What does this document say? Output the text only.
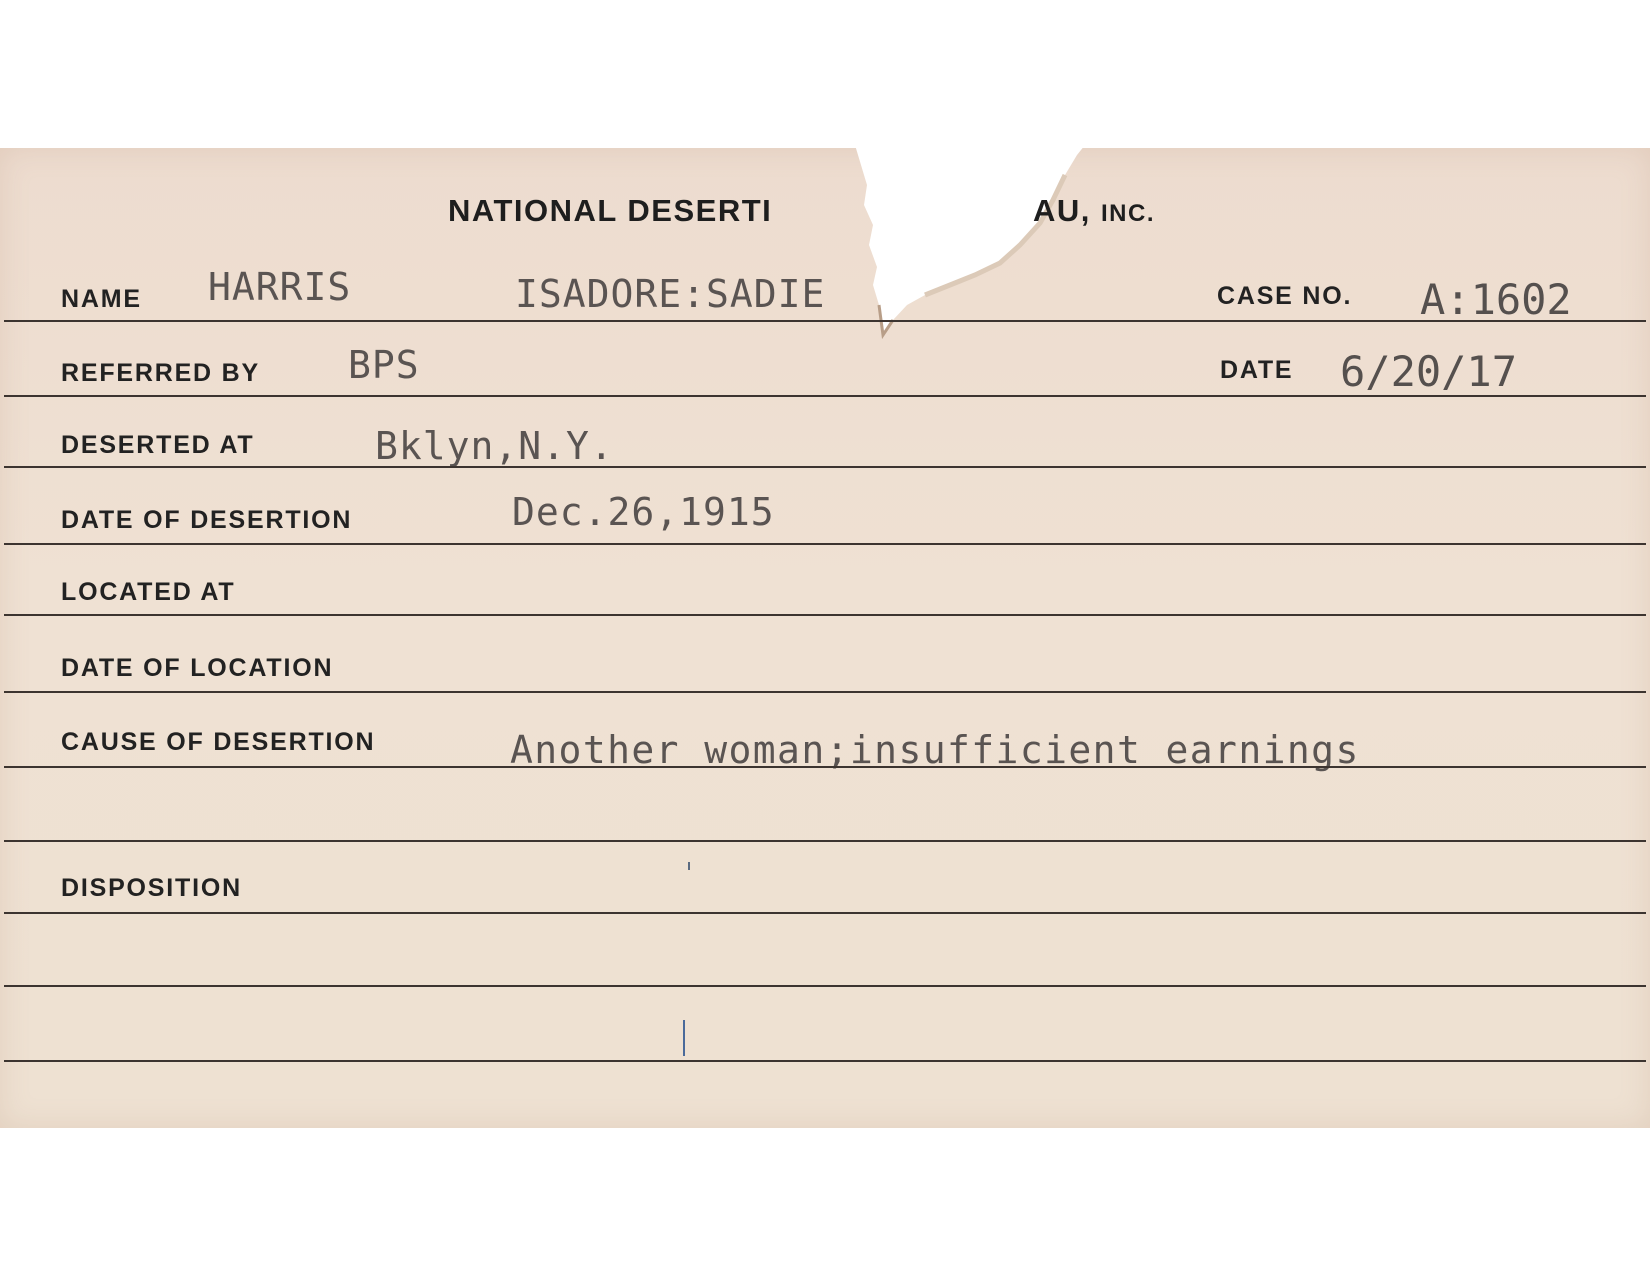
NATIONAL DESERTI	AU, INC.
NAME HARRIS	ISADORE:SADIE	CASE NO. A:1602
REFERRED BY BPS	DATE 6/20/17
DESERTED AT	Bklyn,N.Y.
DATE OF DESERTION	Dec.26,1915
LOCATED AT
DATE OF LOCATION
CAUSE OF DESERTION	Another woman;insufficient earnings
DISPOSITION
